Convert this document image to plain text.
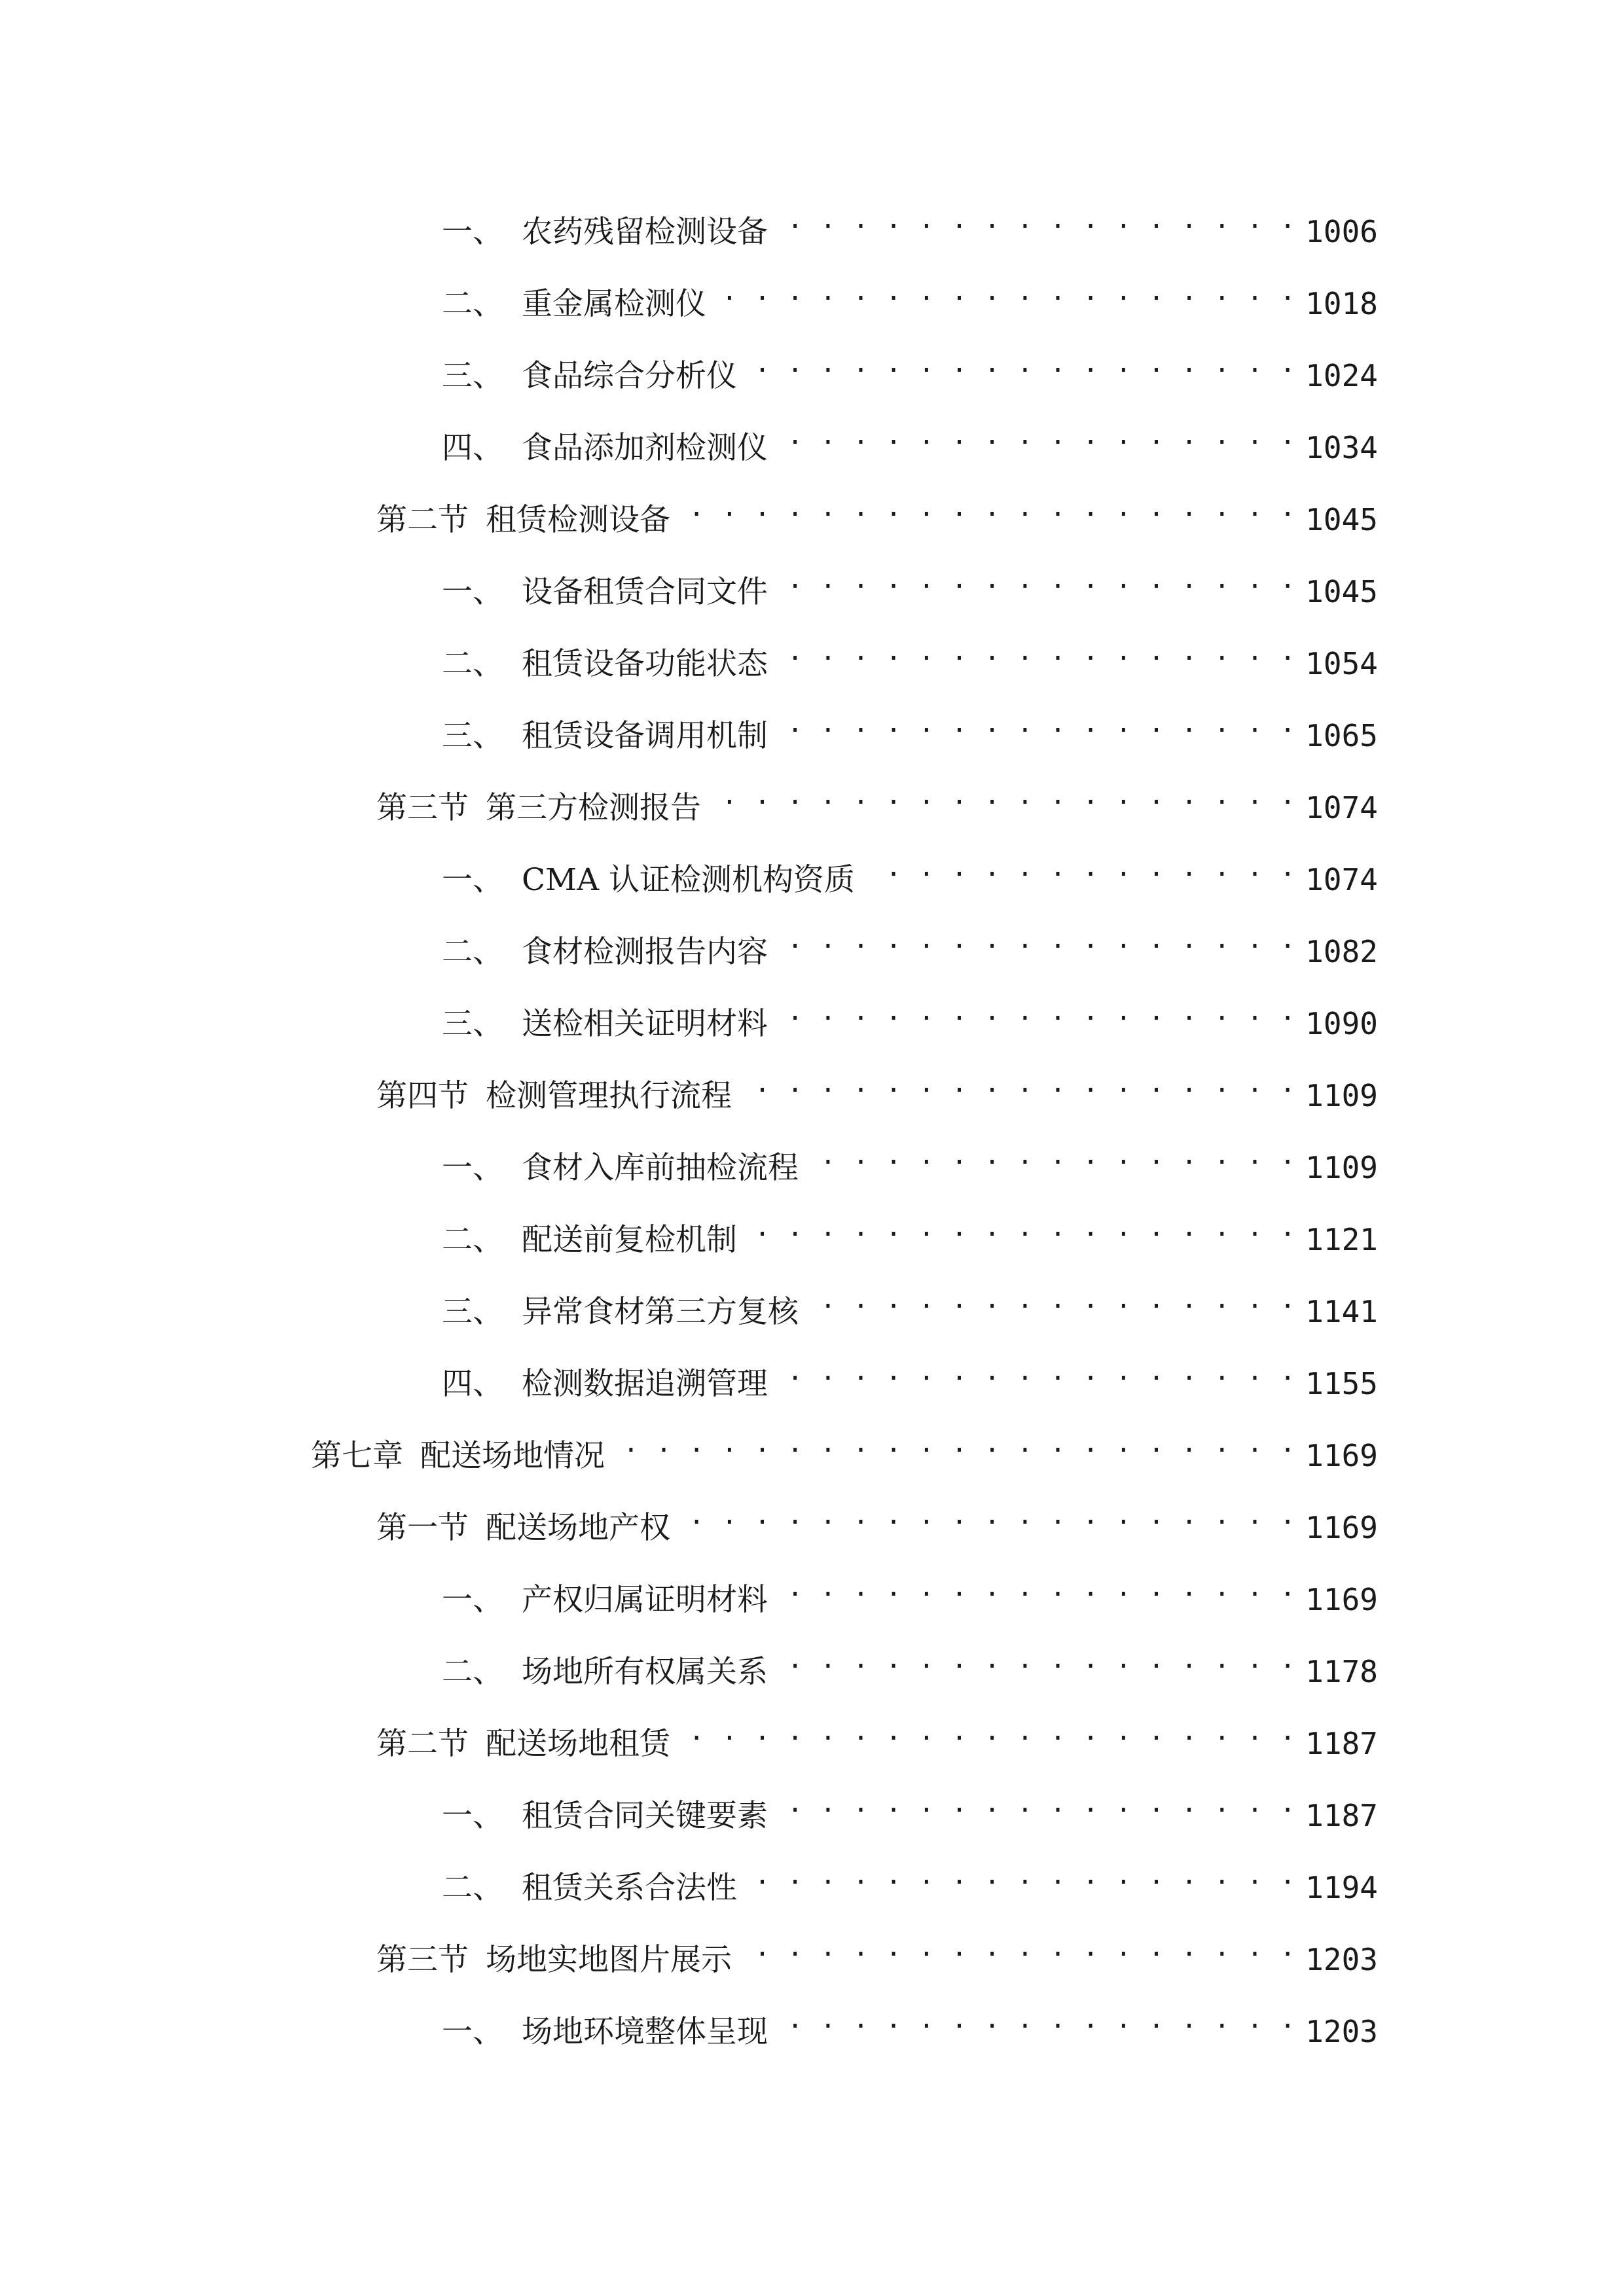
一、 农药残留检测设备 . . .	1006
二、 重金属检测仪 . . .	1018
三、 食品综合分析仪 . . .	1024
四、 食品添加剂检测仪 . . .	1034
第二节 租赁检测设备 . . .	1045
一、 设备租赁合同文件 . . .	1045
二、 租赁设备功能状态 . . .	1054
三、 租赁设备调用机制 . . .	1065
第三节 第三方检测报告 . . .	1074
一、 CMA 认证检测机构资质 . . .	1074
二、 食材检测报告内容 . . .	1082
三、 送检相关证明材料 . . .	1090
第四节 检测管理执行流程 . . .	1109
一、 食材入库前抽检流程 . . .	1109
二、 配送前复检机制 . . .	1121
三、 异常食材第三方复核 . . .	1141
四、 检测数据追溯管理 . . .	1155
第七章 配送场地情况 . . .	1169
第一节 配送场地产权 . . .	1169
一、 产权归属证明材料 . . .	1169
二、 场地所有权属关系 . . .	1178
第二节 配送场地租赁 . . .	1187
一、 租赁合同关键要素 . . .	1187
二、 租赁关系合法性 . . .	1194
第三节 场地实地图片展示 . . .	1203
一、 场地环境整体呈现 . . .	1203
